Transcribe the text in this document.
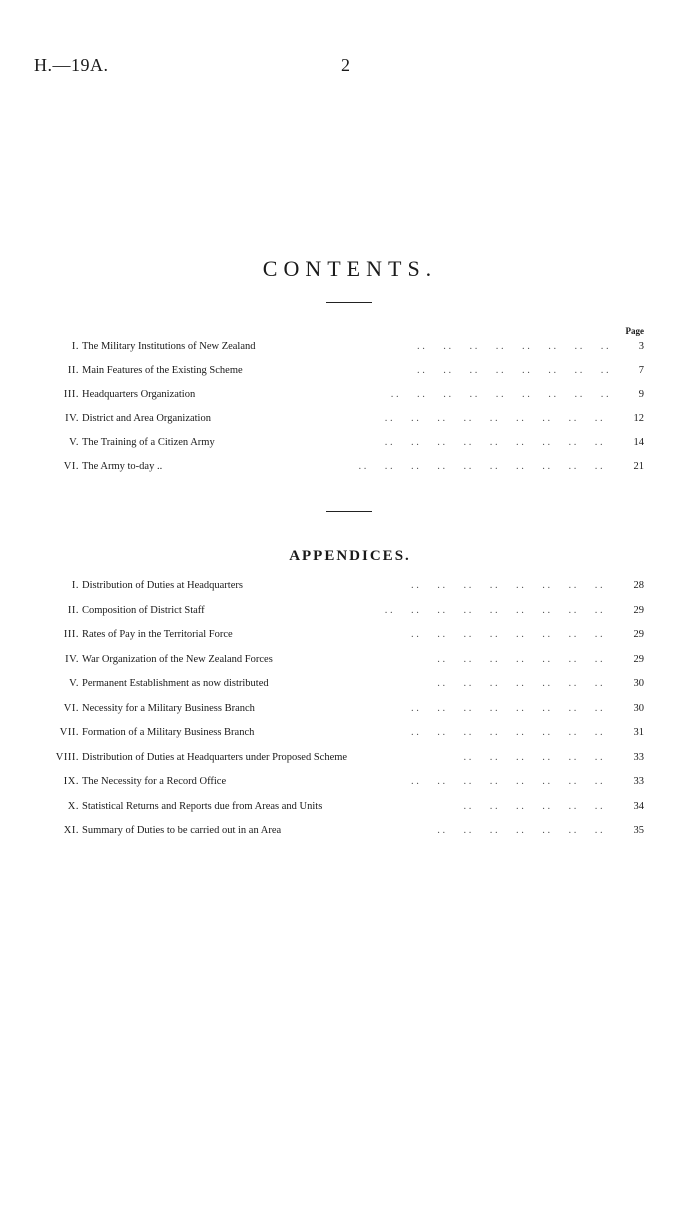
H.—19A.	2
CONTENTS.
Page
I. The Military Institutions of New Zealand	3
. .       . .       . .       . .       . .       . .       . .       . .
II. Main Features of the Existing Scheme	7
. .       . .       . .       . .       . .       . .       . .       . .
III. Headquarters Organization	9
. .       . .       . .       . .       . .       . .       . .       . .       . .
IV. District and Area Organization	12
. .       . .       . .       . .       . .       . .       . .       . .       . .
V. The Training of a Citizen Army	14
. .       . .       . .       . .       . .       . .       . .       . .       . .
VI. The Army to-day ..	21
. .       . .       . .       . .       . .       . .       . .       . .       . .       . .
APPENDICES.
I. Distribution of Duties at Headquarters	28
. .       . .       . .       . .       . .       . .       . .       . .
II. Composition of District Staff	29
. .       . .       . .       . .       . .       . .       . .       . .       . .
III. Rates of Pay in the Territorial Force	29
. .       . .       . .       . .       . .       . .       . .       . .
IV. War Organization of the New Zealand Forces	29
. .       . .       . .       . .       . .       . .       . .
V. Permanent Establishment as now distributed	30
. .       . .       . .       . .       . .       . .       . .
VI. Necessity for a Military Business Branch	30
. .       . .       . .       . .       . .       . .       . .       . .
VII. Formation of a Military Business Branch	31
. .       . .       . .       . .       . .       . .       . .       . .
VIII. Distribution of Duties at Headquarters under Proposed Scheme	33
. .       . .       . .       . .       . .       . .
IX. The Necessity for a Record Office	33
. .       . .       . .       . .       . .       . .       . .       . .
X. Statistical Returns and Reports due from Areas and Units	34
. .       . .       . .       . .       . .       . .
XI. Summary of Duties to be carried out in an Area	35
. .       . .       . .       . .       . .       . .       . .
